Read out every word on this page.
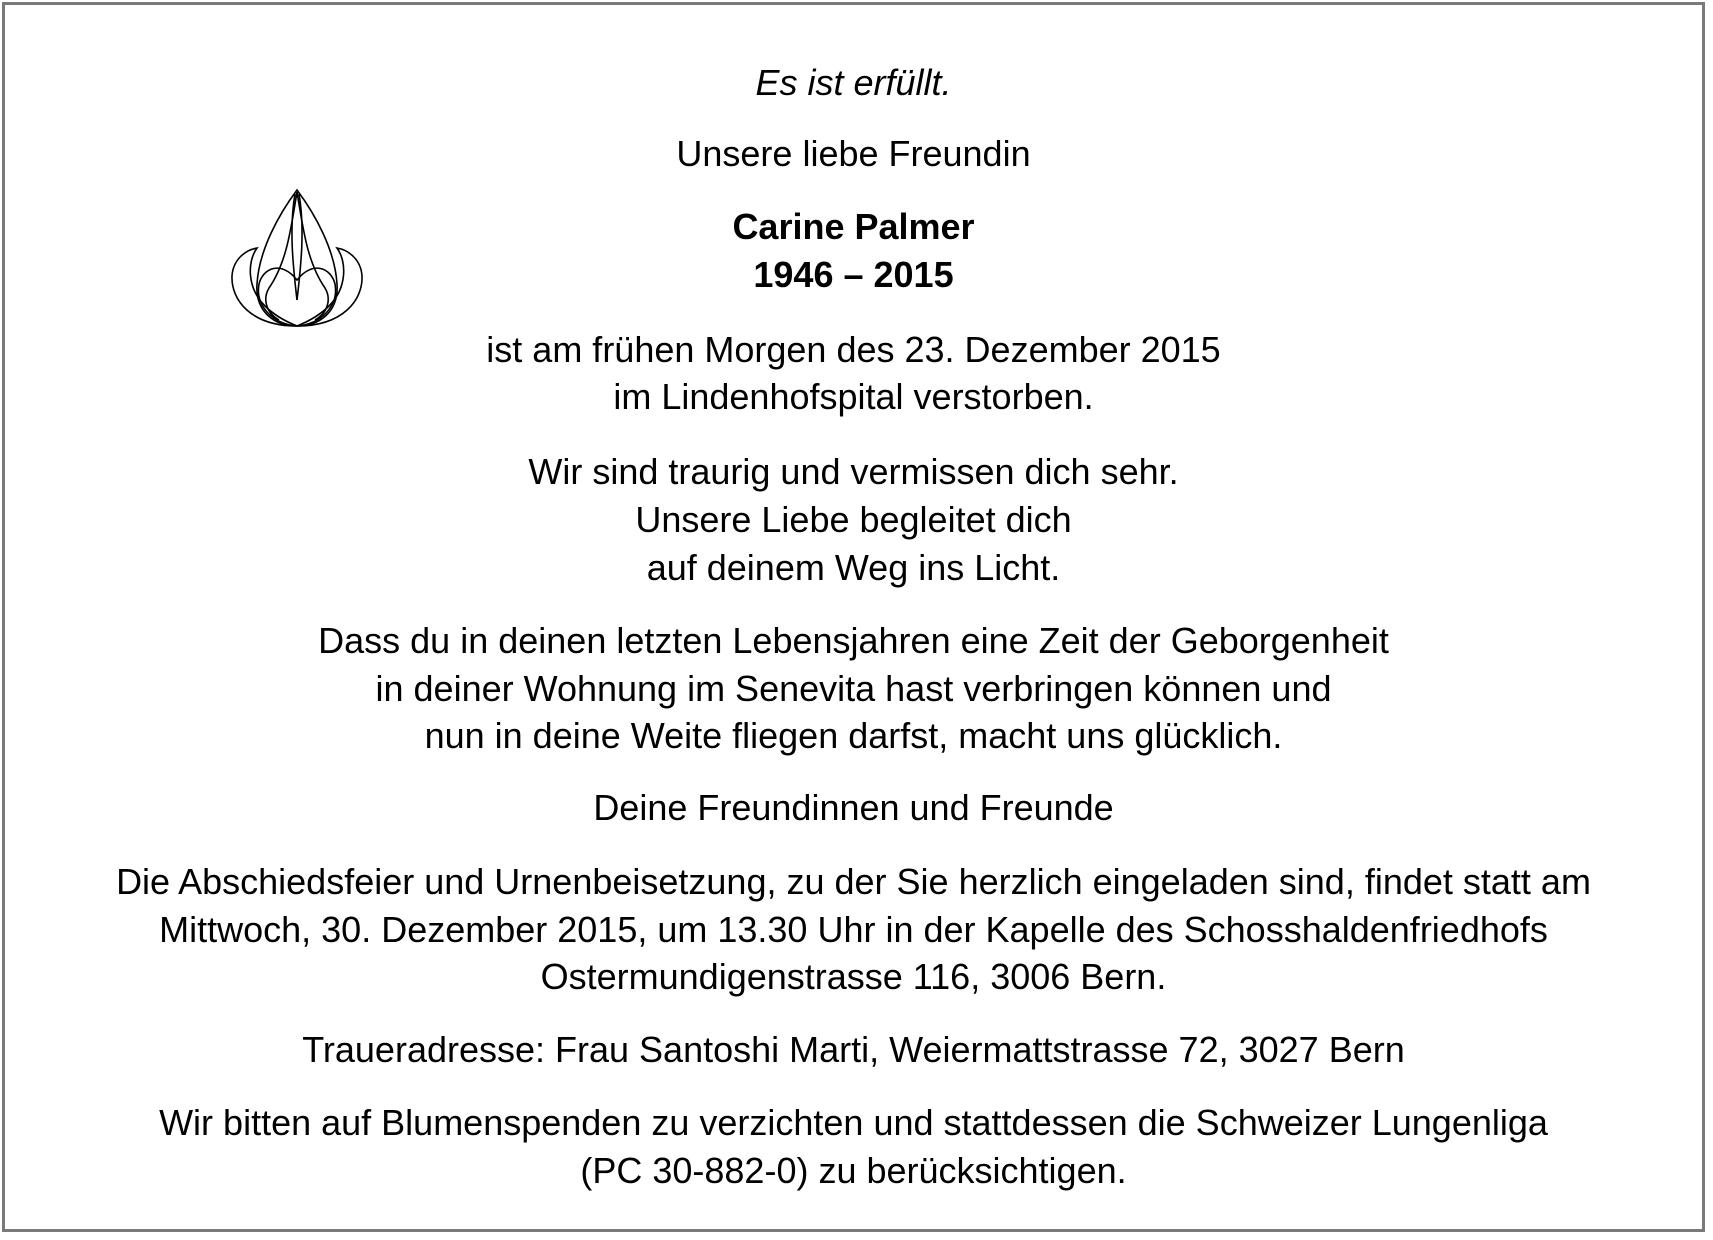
Es ist erfüllt.
Unsere liebe Freundin
Carine Palmer
1946 – 2015
ist am frühen Morgen des 23. Dezember 2015
im Lindenhofspital verstorben.
Wir sind traurig und vermissen dich sehr.
Unsere Liebe begleitet dich
auf deinem Weg ins Licht.
Dass du in deinen letzten Lebensjahren eine Zeit der Geborgenheit
in deiner Wohnung im Senevita hast verbringen können und
nun in deine Weite fliegen darfst, macht uns glücklich.
Deine Freundinnen und Freunde
Die Abschiedsfeier und Urnenbeisetzung, zu der Sie herzlich eingeladen sind, findet statt am
Mittwoch, 30. Dezember 2015, um 13.30 Uhr in der Kapelle des Schosshaldenfriedhofs
Ostermundigenstrasse 116, 3006 Bern.
Traueradresse: Frau Santoshi Marti, Weiermattstrasse 72, 3027 Bern
Wir bitten auf Blumenspenden zu verzichten und stattdessen die Schweizer Lungenliga
(PC 30-882-0) zu berücksichtigen.
